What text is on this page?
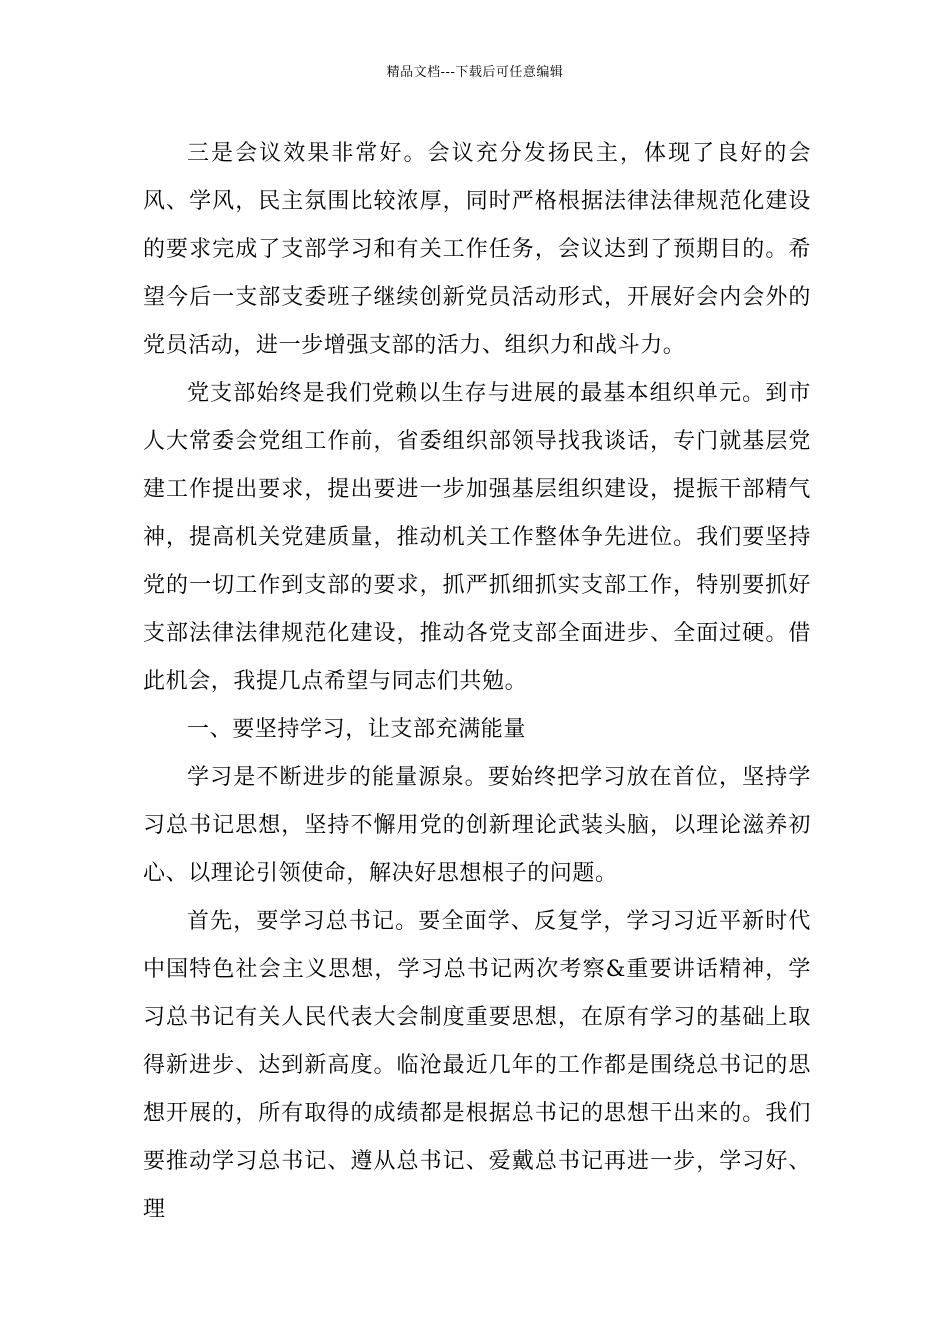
精品文档---下载后可任意编辑

三是会议效果非常好。会议充分发扬民主，体现了良好的会风、学风，民主氛围比较浓厚，同时严格根据法律法律规范化建设的要求完成了支部学习和有关工作任务，会议达到了预期目的。希望今后一支部支委班子继续创新党员活动形式，开展好会内会外的党员活动，进一步增强支部的活力、组织力和战斗力。

党支部始终是我们党赖以生存与进展的最基本组织单元。到市人大常委会党组工作前，省委组织部领导找我谈话，专门就基层党建工作提出要求，提出要进一步加强基层组织建设，提振干部精气神，提高机关党建质量，推动机关工作整体争先进位。我们要坚持党的一切工作到支部的要求，抓严抓细抓实支部工作，特别要抓好支部法律法律规范化建设，推动各党支部全面进步、全面过硬。借此机会，我提几点希望与同志们共勉。

一、要坚持学习，让支部充满能量

学习是不断进步的能量源泉。要始终把学习放在首位，坚持学习总书记思想，坚持不懈用党的创新理论武装头脑，以理论滋养初心、以理论引领使命，解决好思想根子的问题。

首先，要学习总书记。要全面学、反复学，学习习近平新时代中国特色社会主义思想，学习总书记两次考察&重要讲话精神，学习总书记有关人民代表大会制度重要思想，在原有学习的基础上取得新进步、达到新高度。临沧最近几年的工作都是围绕总书记的思想开展的，所有取得的成绩都是根据总书记的思想干出来的。我们要推动学习总书记、遵从总书记、爱戴总书记再进一步，学习好、理
